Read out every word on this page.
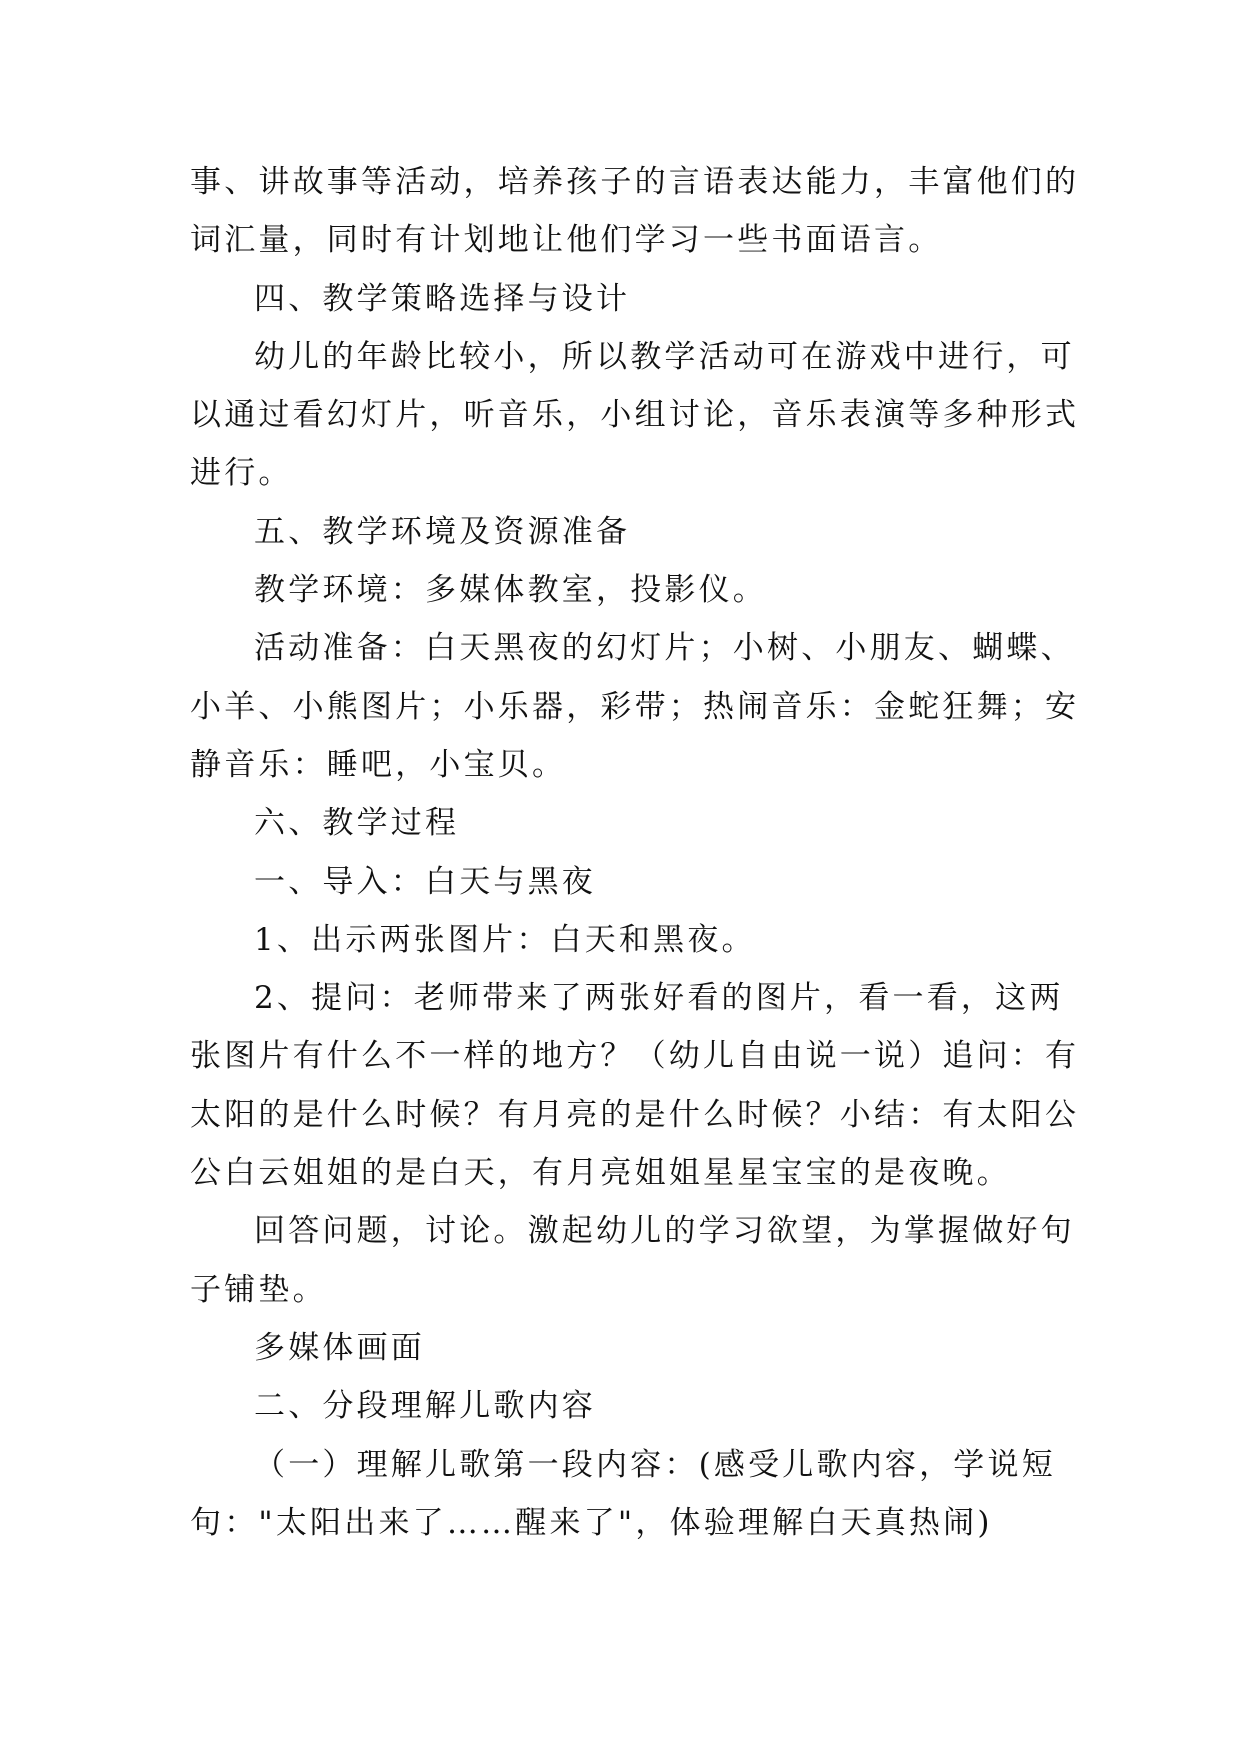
事、讲故事等活动，培养孩子的言语表达能力，丰富他们的
词汇量，同时有计划地让他们学习一些书面语言。
四、教学策略选择与设计
幼儿的年龄比较小，所以教学活动可在游戏中进行，可
以通过看幻灯片，听音乐，小组讨论，音乐表演等多种形式
进行。
五、教学环境及资源准备
教学环境：多媒体教室，投影仪。
活动准备：白天黑夜的幻灯片；小树、小朋友、蝴蝶、
小羊、小熊图片；小乐器，彩带；热闹音乐：金蛇狂舞；安
静音乐：睡吧，小宝贝。
六、教学过程
一、导入：白天与黑夜
1、出示两张图片：白天和黑夜。
2、提问：老师带来了两张好看的图片，看一看，这两
张图片有什么不一样的地方？（幼儿自由说一说）追问：有
太阳的是什么时候？有月亮的是什么时候？小结：有太阳公
公白云姐姐的是白天，有月亮姐姐星星宝宝的是夜晚。
回答问题，讨论。激起幼儿的学习欲望，为掌握做好句
子铺垫。
多媒体画面
二、分段理解儿歌内容
（一）理解儿歌第一段内容：(感受儿歌内容，学说短
句："太阳出来了……醒来了"，体验理解白天真热闹)
